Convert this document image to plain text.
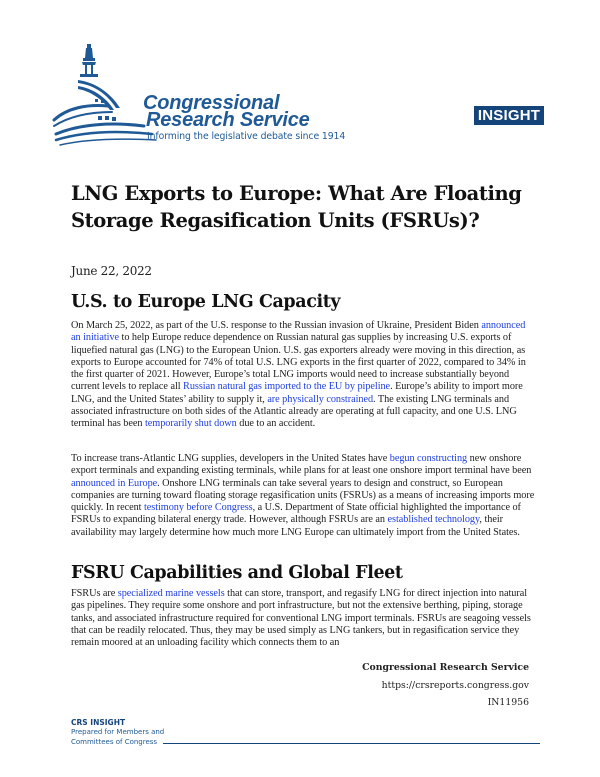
Congressional
Research Service
Informing the legislative debate since 1914
INSIGHT
LNG Exports to Europe: What Are Floating Storage Regasification Units (FSRUs)?
June 22, 2022
U.S. to Europe LNG Capacity
On March 25, 2022, as part of the U.S. response to the Russian invasion of Ukraine, President Biden announced an initiative to help Europe reduce dependence on Russian natural gas supplies by increasing U.S. exports of liquefied natural gas (LNG) to the European Union. U.S. gas exporters already were moving in this direction, as exports to Europe accounted for 74% of total U.S. LNG exports in the first quarter of 2022, compared to 34% in the first quarter of 2021. However, Europe’s total LNG imports would need to increase substantially beyond current levels to replace all Russian natural gas imported to the EU by pipeline. Europe’s ability to import more LNG, and the United States’ ability to supply it, are physically constrained. The existing LNG terminals and associated infrastructure on both sides of the Atlantic already are operating at full capacity, and one U.S. LNG terminal has been temporarily shut down due to an accident.
To increase trans-Atlantic LNG supplies, developers in the United States have begun constructing new onshore export terminals and expanding existing terminals, while plans for at least one onshore import terminal have been announced in Europe. Onshore LNG terminals can take several years to design and construct, so European companies are turning toward floating storage regasification units (FSRUs) as a means of increasing imports more quickly. In recent testimony before Congress, a U.S. Department of State official highlighted the importance of FSRUs to expanding bilateral energy trade. However, although FSRUs are an established technology, their availability may largely determine how much more LNG Europe can ultimately import from the United States.
FSRU Capabilities and Global Fleet
FSRUs are specialized marine vessels that can store, transport, and regasify LNG for direct injection into natural gas pipelines. They require some onshore and port infrastructure, but not the extensive berthing, piping, storage tanks, and associated infrastructure required for conventional LNG import terminals. FSRUs are seagoing vessels that can be readily relocated. Thus, they may be used simply as LNG tankers, but in regasification service they remain moored at an unloading facility which connects them to an
Congressional Research Service
https://crsreports.congress.gov
IN11956
CRS INSIGHT
Prepared for Members and
Committees of Congress
